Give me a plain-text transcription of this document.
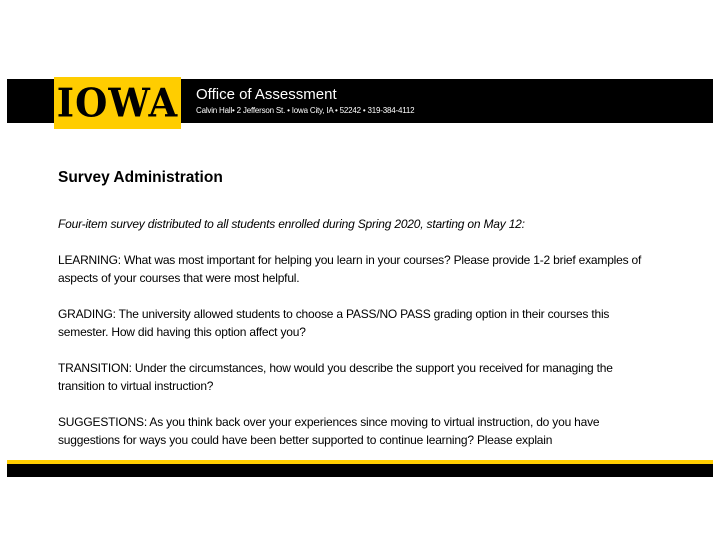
IOWA Office of Assessment
Calvin Hall• 2 Jefferson St. • Iowa City, IA • 52242 • 319-384-4112
Survey Administration

Four-item survey distributed to all students enrolled during Spring 2020, starting on May 12:

LEARNING: What was most important for helping you learn in your courses? Please provide 1-2 brief examples of aspects of your courses that were most helpful.

GRADING: The university allowed students to choose a PASS/NO PASS grading option in their courses this semester. How did having this option affect you?

TRANSITION: Under the circumstances, how would you describe the support you received for managing the transition to virtual instruction?

SUGGESTIONS: As you think back over your experiences since moving to virtual instruction, do you have suggestions for ways you could have been better supported to continue learning? Please explain
